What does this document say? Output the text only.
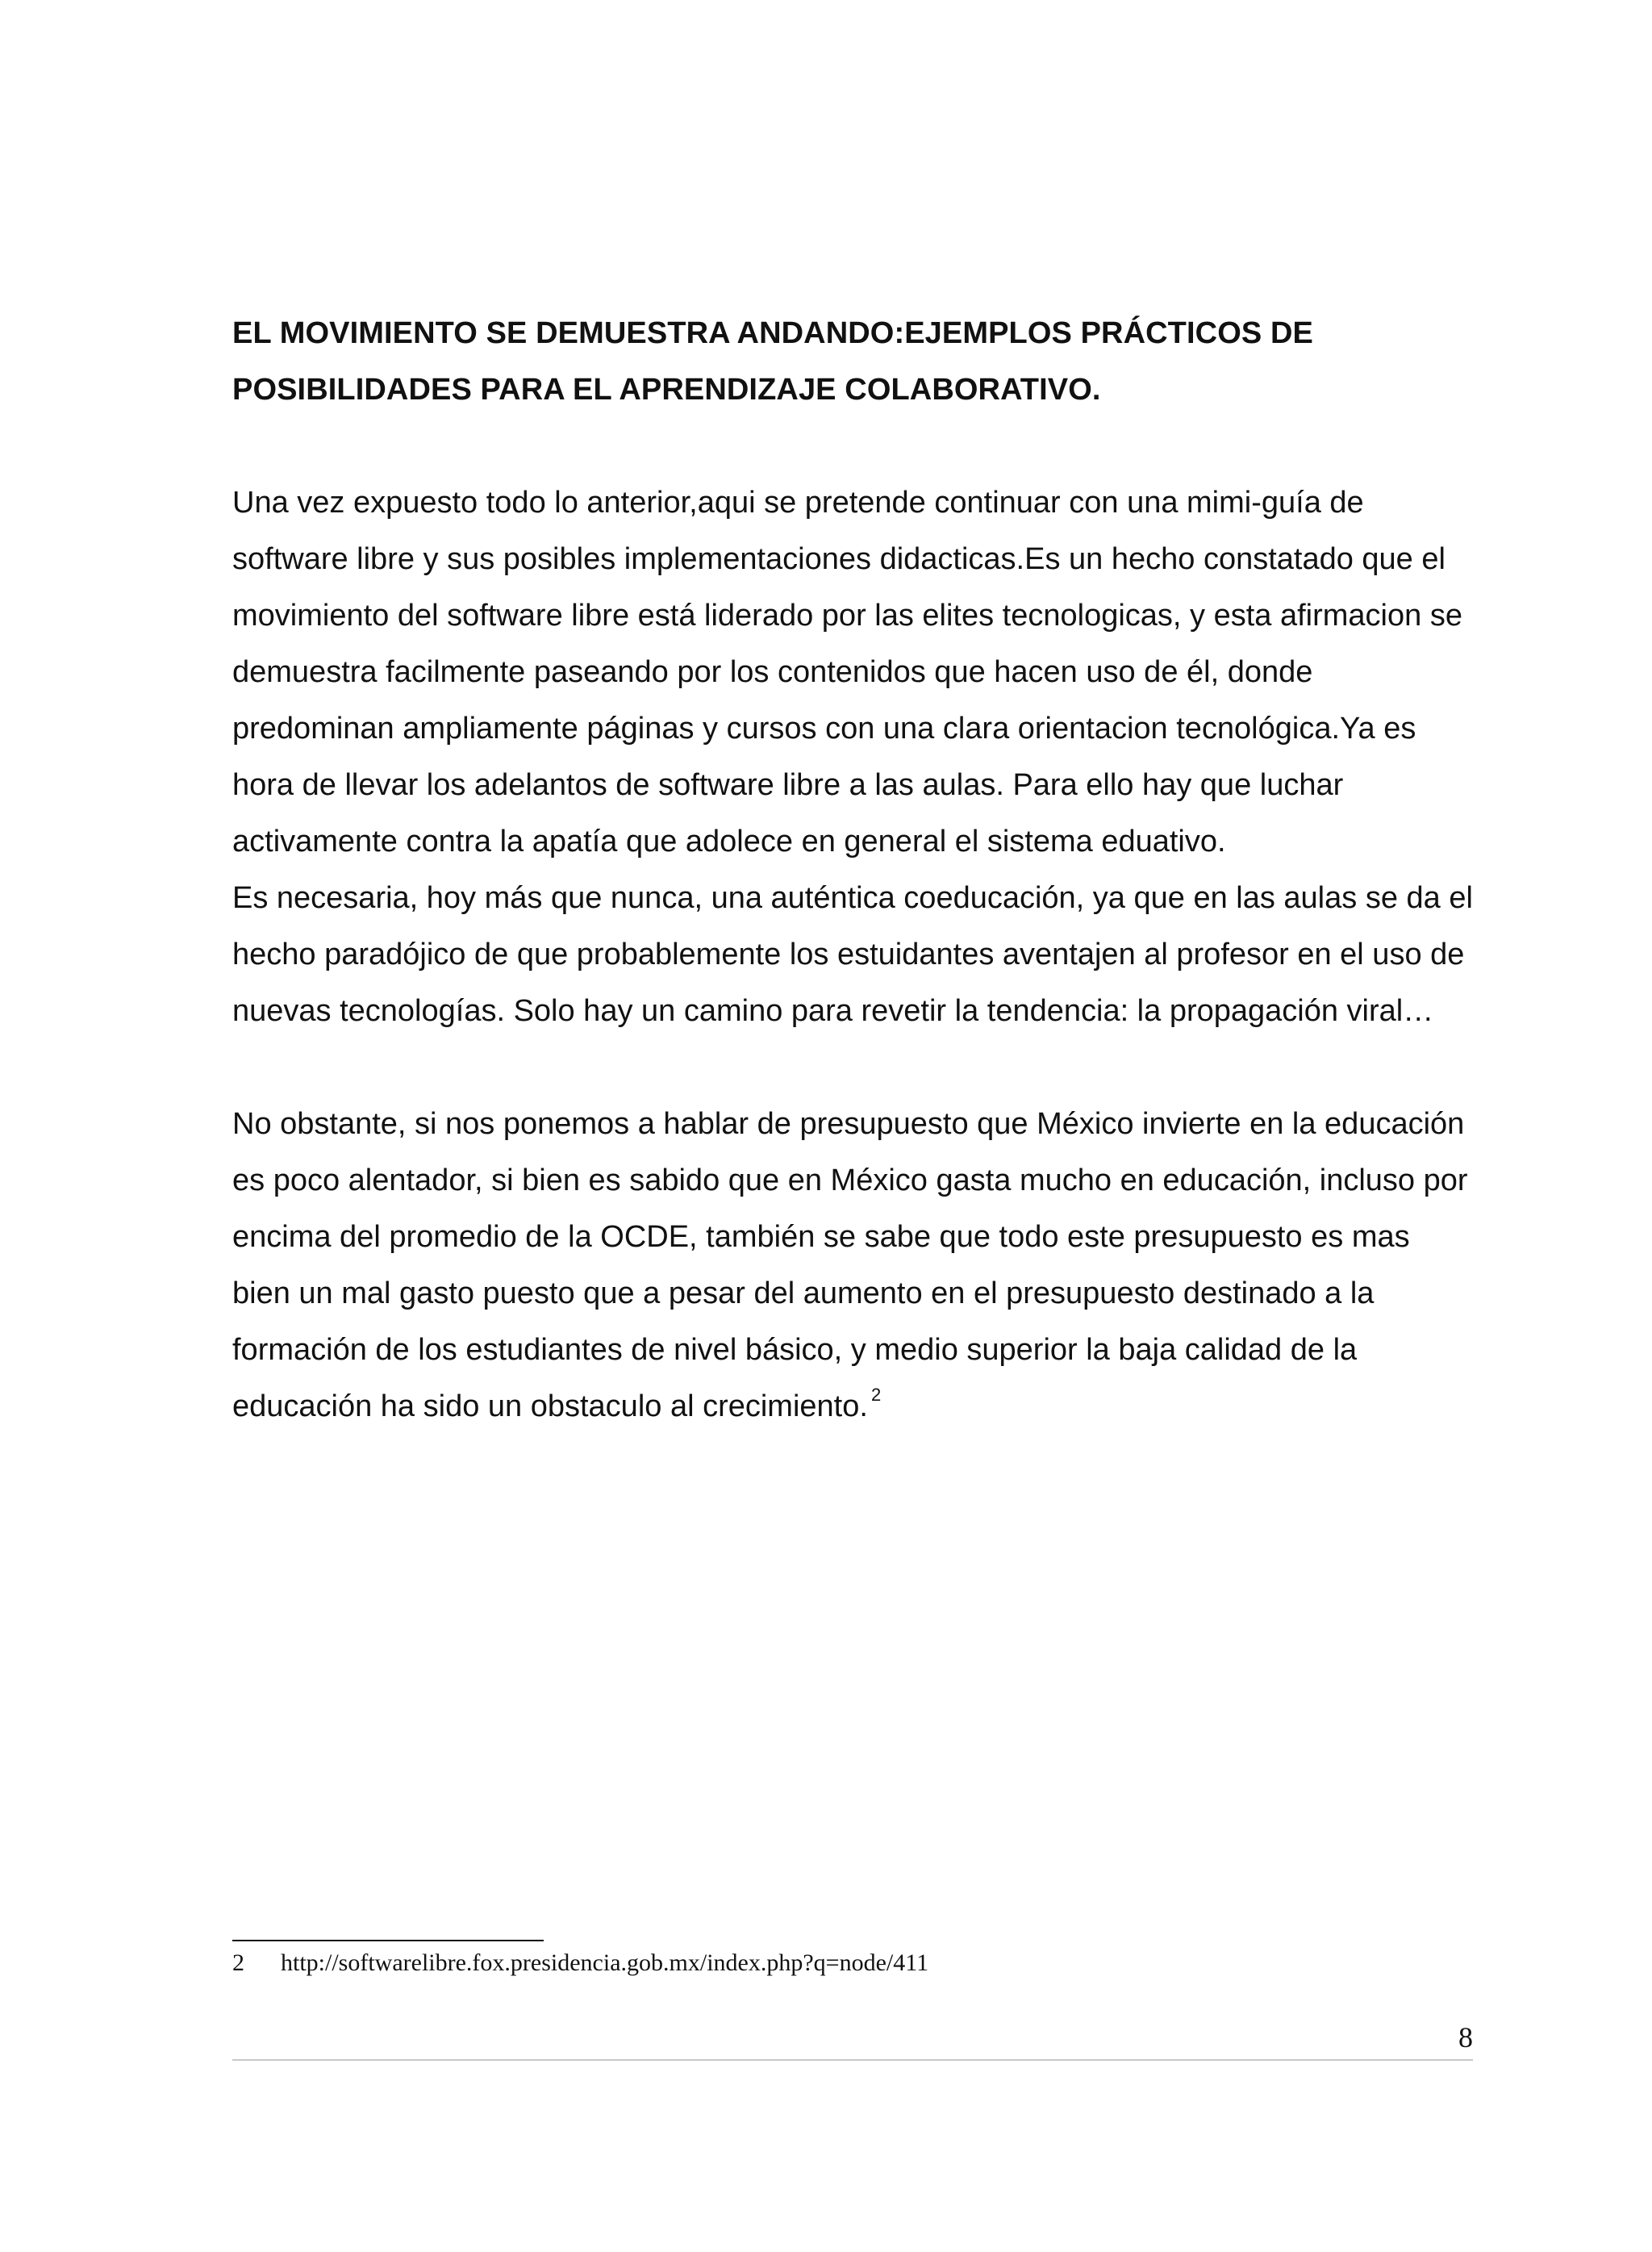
EL MOVIMIENTO SE DEMUESTRA ANDANDO:EJEMPLOS PRÁCTICOS DE
POSIBILIDADES PARA EL APRENDIZAJE COLABORATIVO.

Una vez expuesto todo lo anterior,aqui se pretende continuar con una mimi-guía de software libre y sus posibles implementaciones didacticas.Es un hecho constatado que el movimiento del software libre está liderado por las elites tecnologicas, y esta afirmacion se demuestra facilmente paseando por los contenidos que hacen uso de él, donde predominan ampliamente páginas y cursos con una clara orientacion tecnológica.Ya es hora de llevar los adelantos de software libre a las aulas. Para ello hay que luchar activamente contra la apatía que adolece en general el sistema eduativo.

Es necesaria, hoy más que nunca, una auténtica coeducación, ya que en las aulas se da el hecho paradójico de que probablemente los estuidantes aventajen al profesor en el uso de nuevas tecnologías. Solo hay un camino para revetir la tendencia: la propagación viral…

No obstante, si nos ponemos a hablar de presupuesto que México invierte en la educación es poco alentador, si bien es sabido que en México gasta mucho en educación, incluso por encima del promedio de la OCDE, también se sabe que todo este presupuesto es mas bien un mal gasto puesto que a pesar del aumento en el presupuesto destinado a la formación de los estudiantes de nivel básico, y medio superior la baja calidad de la educación ha sido un obstaculo al crecimiento. $^2$

2 http://softwarelibre.fox.presidencia.gob.mx/index.php?q=node/411
8
